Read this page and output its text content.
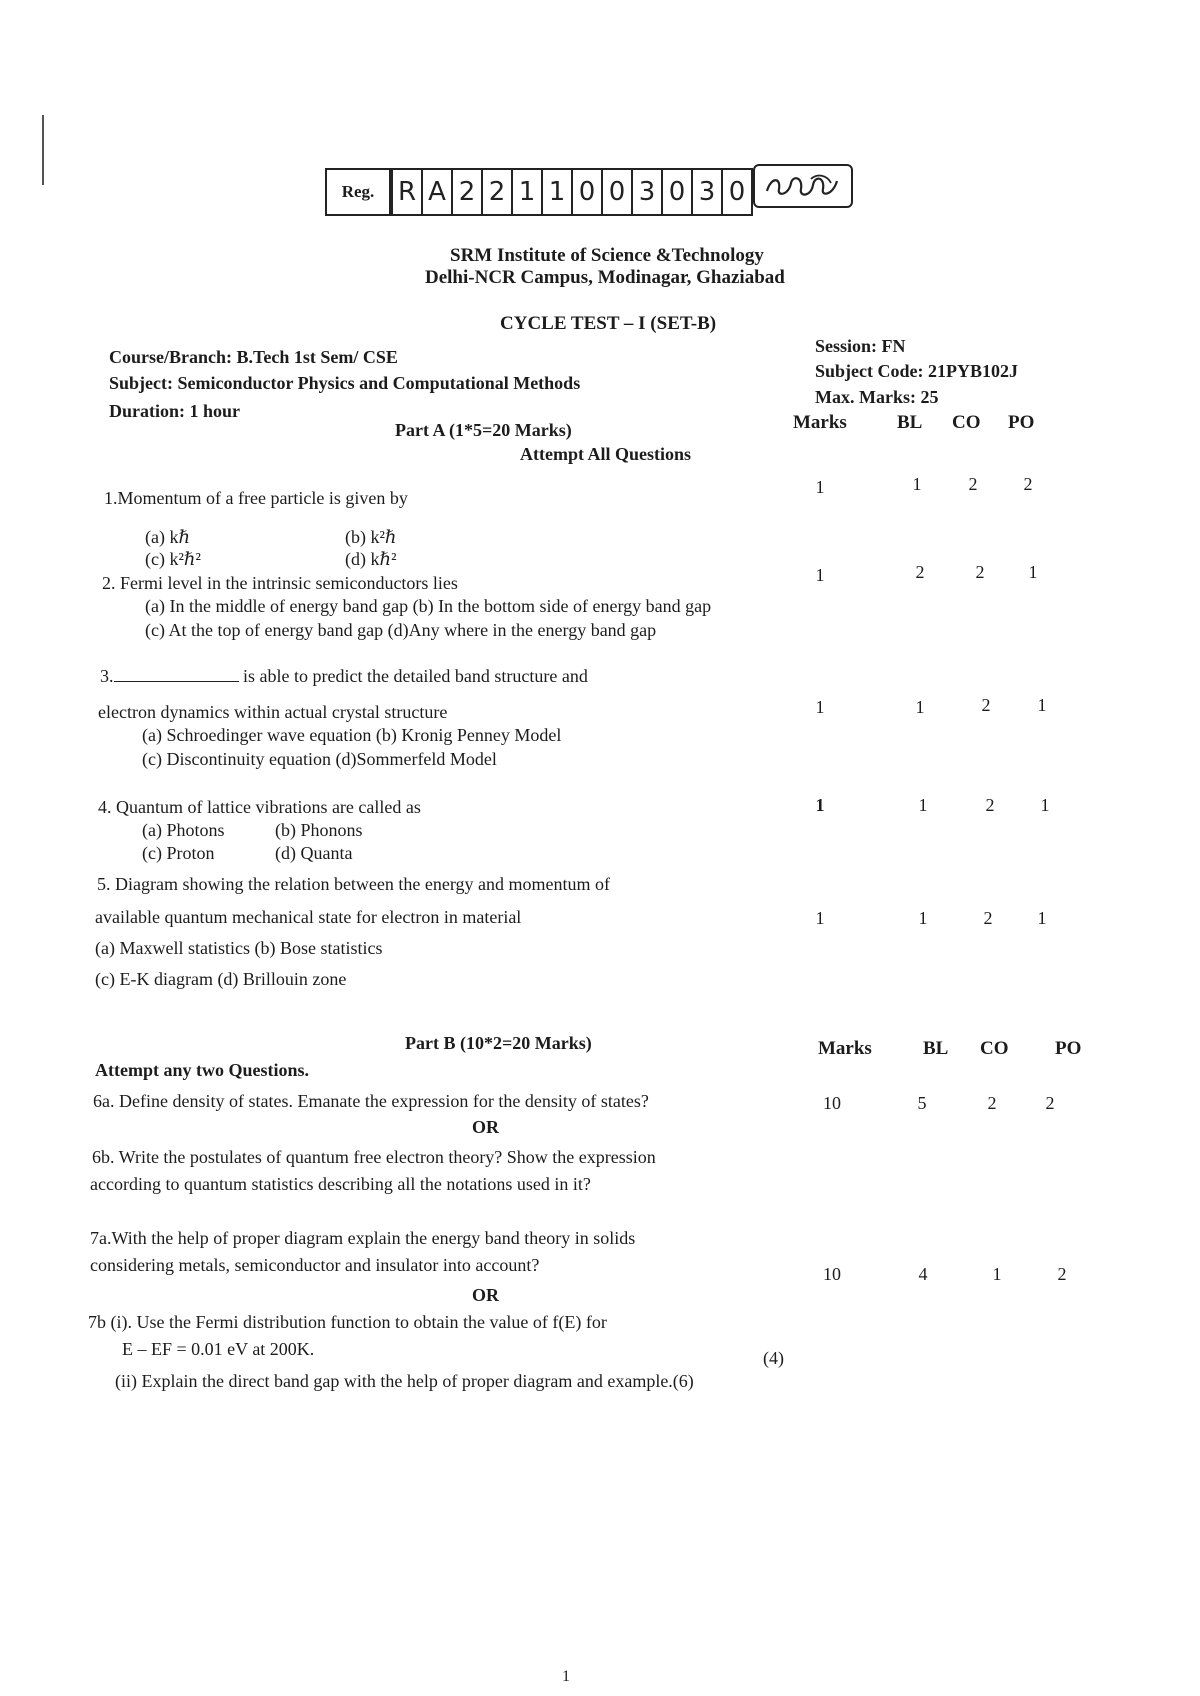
Reg. R A 2 2 1 1 0 0 3 0 3 0
SRM Institute of Science &Technology
Delhi-NCR Campus, Modinagar, Ghaziabad
CYCLE TEST – I (SET-B)
Course/Branch: B.Tech 1st Sem/ CSE
Subject: Semiconductor Physics and Computational Methods
Duration: 1 hour
Session: FN
Subject Code: 21PYB102J
Max. Marks: 25
Part A (1*5=20 Marks)
Attempt All Questions
Marks	BL CO PO
1.Momentum of a free particle is given by
(a) kℏ	(b) k²ℏ
(c) k²ℏ²	(d) kℏ²
1	1	2	2
2. Fermi level in the intrinsic semiconductors lies
(a) In the middle of energy band gap (b) In the bottom side of energy band gap
(c) At the top of energy band gap (d)Any where in the energy band gap
1	2	2	1
3.	is able to predict the detailed band structure and
electron dynamics within actual crystal structure
(a) Schroedinger wave equation (b) Kronig Penney Model
(c) Discontinuity equation (d)Sommerfeld Model
1	1	2	1
4. Quantum of lattice vibrations are called as
(a) Photons	(b) Phonons
(c) Proton	(d) Quanta
1	1	2	1
5. Diagram showing the relation between the energy and momentum of
available quantum mechanical state for electron in material
(a) Maxwell statistics (b) Bose statistics
(c) E-K diagram (d) Brillouin zone
1	1	2	1
Part B (10*2=20 Marks)
Attempt any two Questions.
Marks	BL CO PO
6a. Define density of states. Emanate the expression for the density of states?
OR
6b. Write the postulates of quantum free electron theory? Show the expression
according to quantum statistics describing all the notations used in it?
10	5	2	2
7a.With the help of proper diagram explain the energy band theory in solids
considering metals, semiconductor and insulator into account?
OR
10	4	1	2
7b (i). Use the Fermi distribution function to obtain the value of f(E) for
E – EF = 0.01 eV at 200K.	(4)
(ii) Explain the direct band gap with the help of proper diagram and example.(6)
1
